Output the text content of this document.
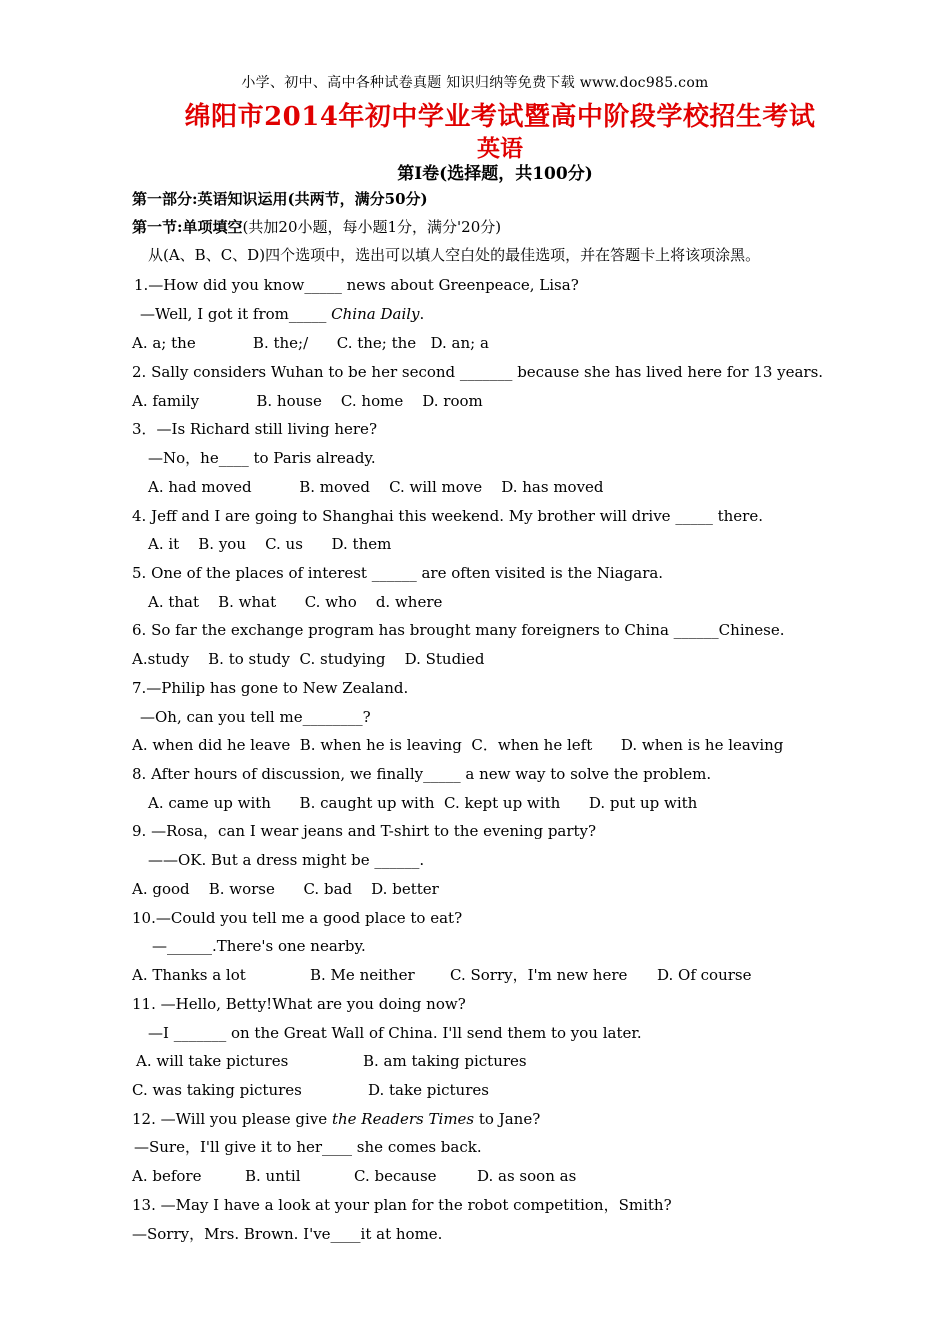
小学、初中、高中各种试卷真题 知识归纳等免费下载 www.doc985.com
绵阳市2014年初中学业考试暨高中阶段学校招生考试
英语
第Ⅰ卷(选择题，共100分)
第一部分:英语知识运用(共两节，满分50分)
第一节:单项填空(共加20小题，每小题1分，满分'20分)
从(A、B、C、D)四个选项中，选出可以填人空白处的最佳选项，并在答题卡上将该项涂黑。
1.—How did you know_____ news about Greenpeace, Lisa?
—Well, I got it from_____ China Daily.
A. a; the            B. the;/      C. the; the   D. an; a
2. Sally considers Wuhan to be her second _______ because she has lived here for 13 years.
A. family            B. house    C. home    D. room
3．—Is Richard still living here?
—No，he____ to Paris already.
A. had moved          B. moved    C. will move    D. has moved
4. Jeff and I are going to Shanghai this weekend. My brother will drive _____ there.
A. it    B. you    C. us      D. them
5. One of the places of interest ______ are often visited is the Niagara.
A. that    B. what      C. who    d. where
6. So far the exchange program has brought many foreigners to China ______Chinese.
A.study    B. to study  C. studying    D. Studied
7.—Philip has gone to New Zealand.
—Oh, can you tell me________?
A. when did he leave  B. when he is leaving  C．when he left      D. when is he leaving
8. After hours of discussion, we finally_____ a new way to solve the problem.
A. came up with      B. caught up with  C. kept up with      D. put up with
9. —Rosa，can I wear jeans and T-shirt to the evening party?
——OK. But a dress might be ______.
A. good    B. worse      C. bad    D. better
10.—Could you tell me a good place to eat?
—______.There's one nearby.
A. Thanks a lot	B. Me neither C. Sorry，I'm new here D. Of course
11. —Hello, Betty!What are you doing now?
—I _______ on the Great Wall of China. I'll send them to you later.
A. will take pictures	B. am taking pictures
C. was taking pictures	D. take pictures
12. —Will you please give the Readers Times to Jane?
—Sure，I'll give it to her____ she comes back.
A. before	B. until	C. because	D. as soon as
13. —May I have a look at your plan for the robot competition，Smith?
—Sorry，Mrs. Brown. I've____it at home.
